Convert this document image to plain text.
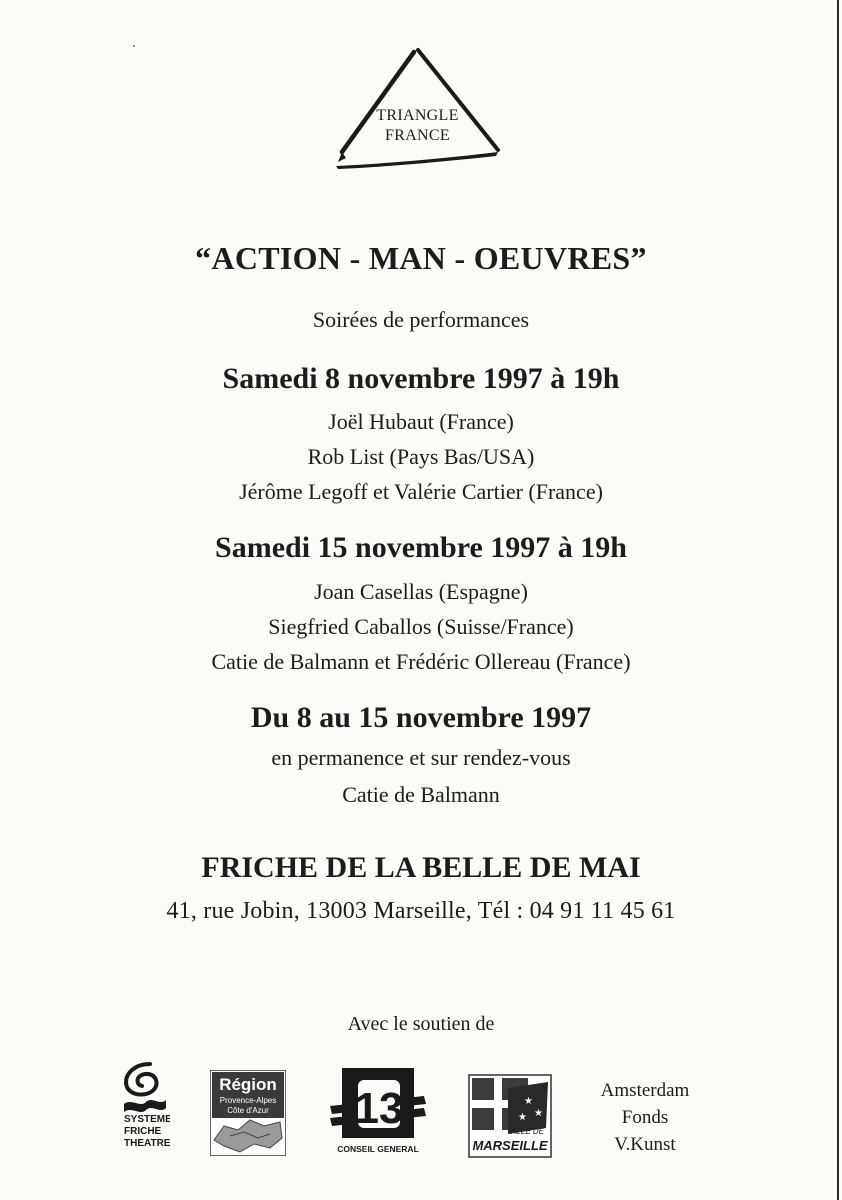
TRIANGLE
FRANCE
“ACTION - MAN - OEUVRES”
Soirées de performances
Samedi 8 novembre 1997 à 19h
Joël Hubaut (France)
Rob List (Pays Bas/USA)
Jérôme Legoff et Valérie Cartier (France)
Samedi 15 novembre 1997 à 19h
Joan Casellas (Espagne)
Siegfried Caballos (Suisse/France)
Catie de Balmann et Frédéric Ollereau (France)
Du 8 au 15 novembre 1997
en permanence et sur rendez-vous
Catie de Balmann
FRICHE DE LA BELLE DE MAI
41, rue Jobin, 13003 Marseille, Tél : 04 91 11 45 61
Avec le soutien de
SYSTEME
FRICHE
THEATRE
Région
Provence-Alpes
Côte d'Azur 13
CONSEIL GENERAL
★
★
★
☆
VILLE DE
MARSEILLE
Amsterdam
Fonds
V.Kunst
